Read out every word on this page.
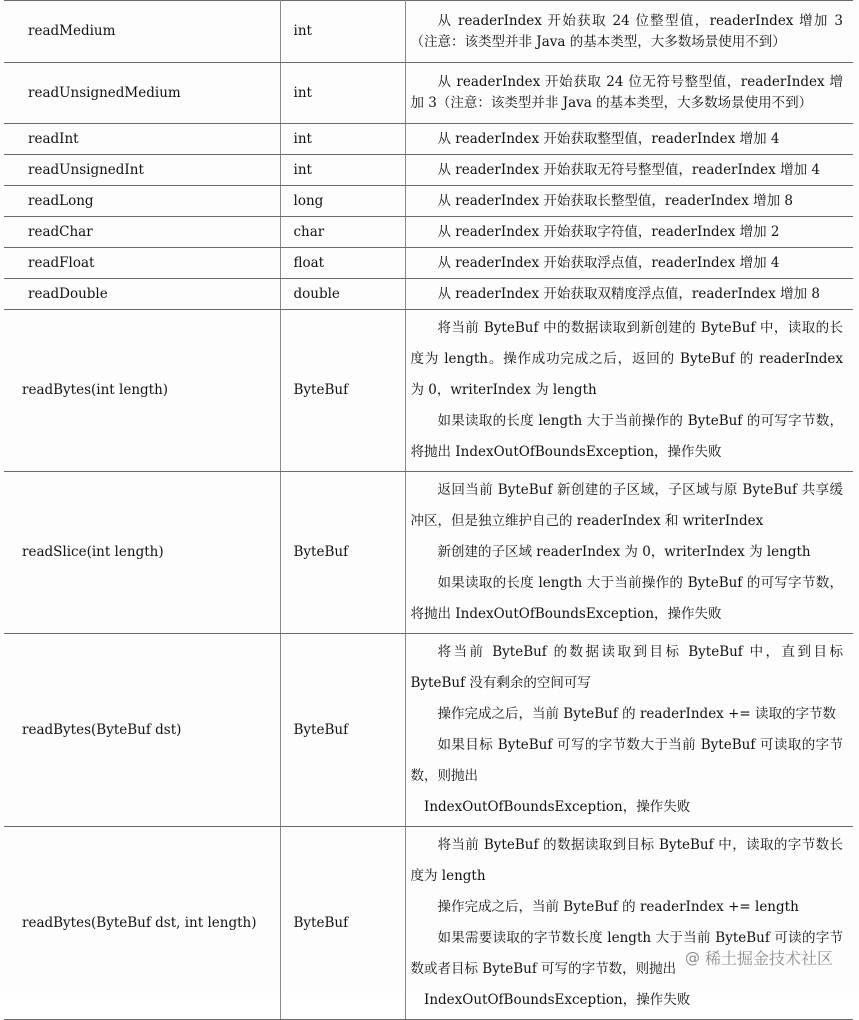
readMedium	int	从 readerIndex 开始获取 24 位整型值，readerIndex 增加 3（注意：该类型并非 Java 的基本类型，大多数场景使用不到）

readUnsignedMedium	int	从 readerIndex 开始获取 24 位无符号整型值，readerIndex 增加 3（注意：该类型并非 Java 的基本类型，大多数场景使用不到）

readInt	int	从 readerIndex 开始获取整型值，readerIndex 增加 4

readUnsignedInt	int	从 readerIndex 开始获取无符号整型值，readerIndex 增加 4

readLong	long	从 readerIndex 开始获取长整型值，readerIndex 增加 8

readChar	char	从 readerIndex 开始获取字符值，readerIndex 增加 2

readFloat	float	从 readerIndex 开始获取浮点值，readerIndex 增加 4

readDouble	double	从 readerIndex 开始获取双精度浮点值，readerIndex 增加 8

readBytes(int length)	ByteBuf	将当前 ByteBuf 中的数据读取到新创建的 ByteBuf 中，读取的长度为 length。操作成功完成之后，返回的 ByteBuf 的 readerIndex 为 0，writerIndex 为 length
如果读取的长度 length 大于当前操作的 ByteBuf 的可写字节数，将抛出 IndexOutOfBoundsException，操作失败

readSlice(int length)	ByteBuf	返回当前 ByteBuf 新创建的子区域，子区域与原 ByteBuf 共享缓冲区，但是独立维护自己的 readerIndex 和 writerIndex
新创建的子区域 readerIndex 为 0，writerIndex 为 length
如果读取的长度 length 大于当前操作的 ByteBuf 的可写字节数，将抛出 IndexOutOfBoundsException，操作失败

readBytes(ByteBuf dst)	ByteBuf	将当前 ByteBuf 的数据读取到目标 ByteBuf 中，直到目标 ByteBuf 没有剩余的空间可写
操作完成之后，当前 ByteBuf 的 readerIndex += 读取的字节数
如果目标 ByteBuf 可写的字节数大于当前 ByteBuf 可读取的字节数，则抛出
IndexOutOfBoundsException，操作失败

readBytes(ByteBuf dst, int length)	ByteBuf	将当前 ByteBuf 的数据读取到目标 ByteBuf 中，读取的字节数长度为 length
操作完成之后，当前 ByteBuf 的 readerIndex += length
如果需要读取的字节数长度 length 大于当前 ByteBuf 可读的字节数或者目标 ByteBuf 可写的字节数，则抛出
IndexOutOfBoundsException，操作失败
@ 稀土掘金技术社区
